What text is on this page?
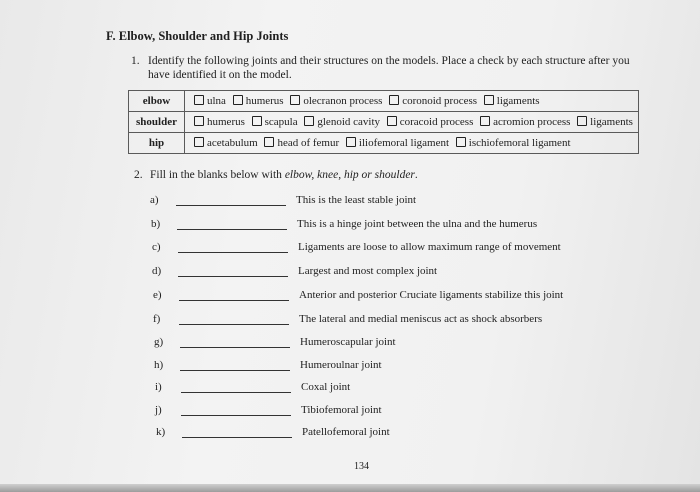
F. Elbow, Shoulder and Hip Joints
1. Identify the following joints and their structures on the models. Place a check by each structure after you have identified it on the model.
elbow	ulna humerus olecranon process coronoid process ligaments
shoulder	humerus scapula glenoid cavity coracoid process acromion process ligaments
hip	acetabulum head of femur iliofemoral ligament ischiofemoral ligament
2. Fill in the blanks below with elbow, knee, hip or shoulder.
a)	This is the least stable joint
b)	This is a hinge joint between the ulna and the humerus
c)	Ligaments are loose to allow maximum range of movement
d)	Largest and most complex joint
e)	Anterior and posterior Cruciate ligaments stabilize this joint
f)	The lateral and medial meniscus act as shock absorbers
g)	Humeroscapular joint
h)	Humeroulnar joint
i)	Coxal joint
j)	Tibiofemoral joint
k)	Patellofemoral joint
134
